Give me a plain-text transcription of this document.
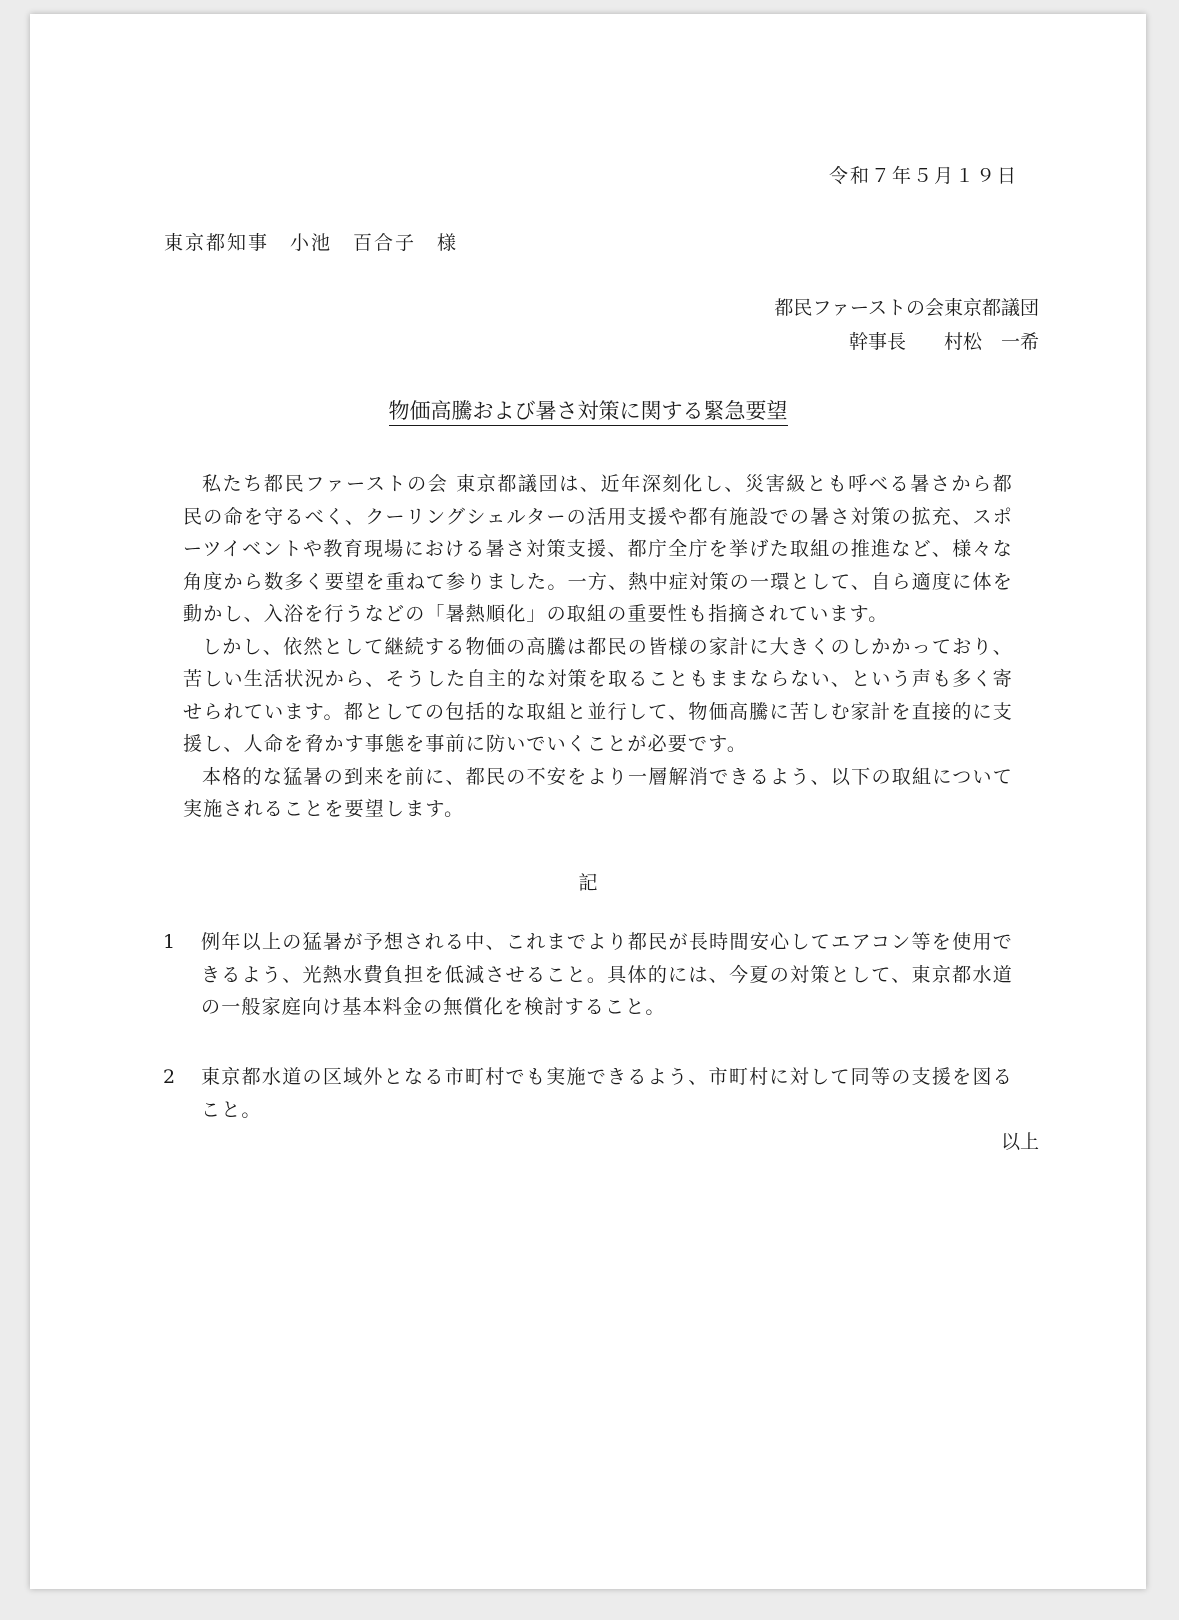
令和７年５月１９日
東京都知事　小池　百合子　様
都民ファーストの会東京都議団
幹事長　　村松　一希
物価高騰および暑さ対策に関する緊急要望

私たち都民ファーストの会 東京都議団は、近年深刻化し、災害級とも呼べる暑さから都民の命を守るべく、クーリングシェルターの活用支援や都有施設での暑さ対策の拡充、スポーツイベントや教育現場における暑さ対策支援、都庁全庁を挙げた取組の推進など、様々な角度から数多く要望を重ねて参りました。一方、熱中症対策の一環として、自ら適度に体を動かし、入浴を行うなどの「暑熱順化」の取組の重要性も指摘されています。

しかし、依然として継続する物価の高騰は都民の皆様の家計に大きくのしかかっており、苦しい生活状況から、そうした自主的な対策を取ることもままならない、という声も多く寄せられています。都としての包括的な取組と並行して、物価高騰に苦しむ家計を直接的に支援し、人命を脅かす事態を事前に防いでいくことが必要です。

本格的な猛暑の到来を前に、都民の不安をより一層解消できるよう、以下の取組について実施されることを要望します。

記
1	例年以上の猛暑が予想される中、これまでより都民が長時間安心してエアコン等を使用できるよう、光熱水費負担を低減させること。具体的には、今夏の対策として、東京都水道の一般家庭向け基本料金の無償化を検討すること。
2	東京都水道の区域外となる市町村でも実施できるよう、市町村に対して同等の支援を図ること。
以上
